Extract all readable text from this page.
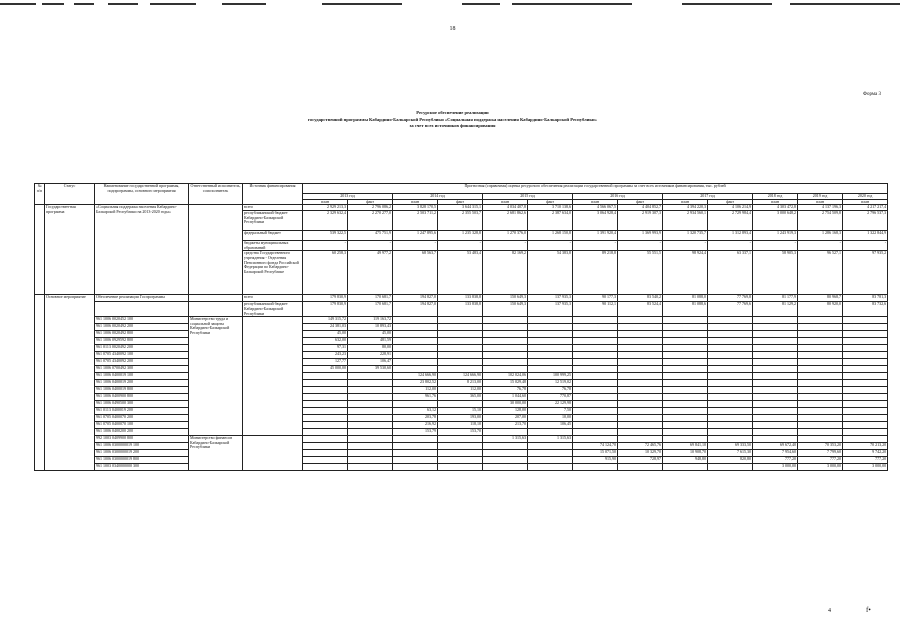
18
Форма 3
Ресурсное обеспечение реализации
государственной программы Кабардино-Балкарской Республики «Социальная поддержка населения Кабардино-Балкарской Республики»
за счет всех источников финансирования
№ п/п	Статус	Наименование государственной программы, подпрограммы, основного мероприятия	Ответственный исполнитель, соисполнитель	Источник финансирования	Прогнозная (справочная) оценка ресурсного обеспечения реализации государственной программы за счет всех источников финансирования, тыс. рублей												
					2013 год		2014 год		2015 год		2016 год		2017 год		2018 год	2019 год	2020 год
					план	факт	план	факт	план	факт	план	факт	план	факт	план	план	план
	Государствен-ная программа	«Социальная поддержка населения Кабардино-Балкарской Республики на 2013-2020 годы»		всего	2 929 213,3	2 796 086,2	3 828 170,5	3 644 315,1	4 034 407,8	3 710 138,6	4 566 067,5	4 404 852,7	4 394 220,3	4 106 214,9	4 303 472,8	4 137 196,3	4 217 217,4
				республиканский бюджет Кабардино-Балкарской Республики	2 329 632,4	2 270 277,0	2 503 711,2	2 355 503,7	2 681 862,6	2 387 634,0	3 064 928,4	2 919 307,3	2 934 560,1	2 729 984,4	3 000 648,2	2 754 509,8	2 796 537,3
				федеральный бюджет	539 322,5	475 751,9	1 247 895,6	1 235 328,8	1 270 376,0	1 268 150,8	1 391 920,4	1 369 993,9	1 320 735,7	1 312 893,4	1 243 919,3	1 286 168,3	1 322 844,9
				бюджеты муниципальных образований	-	-	-	-	-	-	-	-	-	-	-	-	-
				средства Государственного учреждения - Отделения Пенсионного фонда Российской Федерации по Кабардино-Балкарской Республике	60 258,3	49 977,2	68 563,7	53 483,4	82 169,2	54 383,8	89 218,8	55 551,5	98 924,4	63 337,1	58 905,3	96 527,1	97 935,2
	Основное мероприятие	Обеспечение реализации Госпрограммы		всего	179 830,9	170 681,7	194 827,0	133 838,8	150 649,3	137 935,3	90 177,3	83 540,2	81 088,0	77 769,8	81 177,9	80 968,7	83 781,3
				республиканский бюджет Кабардино-Балкарской Республики	179 830,9	170 681,7	194 827,0	133 838,8	150 649,3	137 935,3	90 112,1	83 524,4	81 088,6	77 769,6	81 129,2	80 920,0	83 732,6
		961 1006 0020452 100	Министерство труда и социальной защиты Кабардино-Балкарской Республики		149 315,72	119 163,72											
		961 1006 0020492 200			24 381,03	10 893,43											
		961 1006 0020492 800			45,00	45,00											
		961 1006 0929592 800			632,00	481,59											
		961 0113 0020492 200			97,31	80,00											
		961 0705 4340092 100			243,23	228,91											
		961 0705 4340092 200			127,77	106,47											
		961 1006 0700492 300			45 000,00	39 530,60											
		961 1006 0400019 100					124 666,90	124 666,90	102 024,06	100 999,25							
		961 1006 0400019 200					23 802,52	8 213,00	15 029,48	12 519,02							
		961 1006 0400019 800					112,00	112,00	76,78	76,78							
		961 1006 0400900 800					961,76	365,00	1 044,60	770,87							
		961 1006 0490500 300							30 000,00	22 129,98							
		961 0113 0400019 200					63,12	15,10	128,00	7,50							
		961 0705 0400070 200					203,78	193,00	207,00	10,00							
		961 0705 0400070 100					216,92	118,10	213,70	106,45							
		961 1006 0400200 200					153,79	153,70									
		992 1003 0409900 800	Министерство финансов Кабардино-Балкарской Республики						1 315,63	1 315,63							
		961 1006 0300000019 100									74 124,70	72 465,76	69 841,10	69 333,50	69 672,40	70 353,20	70 213,20
		961 1006 0300000019 200									15 071,50	10 329,70	10 908,70	7 615,30	7 954,60	7 799,60	9 742,20
		961 1006 0300000019 800									915,90	728,97	948,80	820,80	777,20	777,20	777,20
		961 1003 0340000000 300													3 000,00	3 000,00	3 000,00
4	f•
